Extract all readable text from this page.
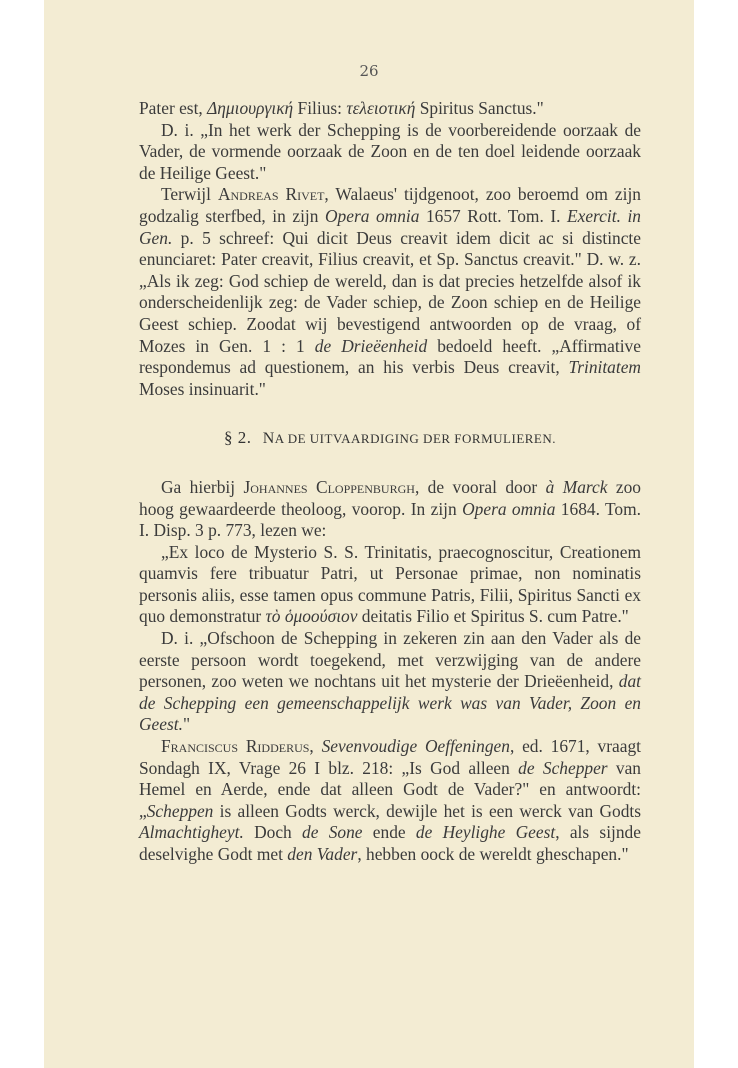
26

Pater est, Δημιουργική Filius: τελειοτική Spiritus Sanctus."

D. i. „In het werk der Schepping is de voorbereidende oorzaak de Vader, de vormende oorzaak de Zoon en de ten doel leidende oorzaak de Heilige Geest."

Terwijl Andreas Rivet, Walaeus' tijdgenoot, zoo beroemd om zijn godzalig sterfbed, in zijn Opera omnia 1657 Rott. Tom. I. Exercit. in Gen. p. 5 schreef: Qui dicit Deus creavit idem dicit ac si distincte enunciaret: Pater creavit, Filius creavit, et Sp. Sanctus creavit." D. w. z. „Als ik zeg: God schiep de wereld, dan is dat precies hetzelfde alsof ik onderscheidenlijk zeg: de Vader schiep, de Zoon schiep en de Heilige Geest schiep. Zoodat wij bevestigend antwoorden op de vraag, of Mozes in Gen. 1 : 1 de Drieëenheid bedoeld heeft. „Affirmative respondemus ad questionem, an his verbis Deus creavit, Trinitatem Moses insinuarit."

§ 2. NA DE UITVAARDIGING DER FORMULIEREN.

Ga hierbij Johannes Cloppenburgh, de vooral door à Marck zoo hoog gewaardeerde theoloog, voorop. In zijn Opera omnia 1684. Tom. I. Disp. 3 p. 773, lezen we:

„Ex loco de Mysterio S. S. Trinitatis, praecognoscitur, Creationem quamvis fere tribuatur Patri, ut Personae primae, non nominatis personis aliis, esse tamen opus commune Patris, Filii, Spiritus Sancti ex quo demonstratur τὸ ὁμοούσιον deitatis Filio et Spiritus S. cum Patre."

D. i. „Ofschoon de Schepping in zekeren zin aan den Vader als de eerste persoon wordt toegekend, met verzwijging van de andere personen, zoo weten we nochtans uit het mysterie der Drieëenheid, dat de Schepping een gemeenschappelijk werk was van Vader, Zoon en Geest."

Franciscus Ridderus, Sevenvoudige Oeffeningen, ed. 1671, vraagt Sondagh IX, Vrage 26 I blz. 218: „Is God alleen de Schepper van Hemel en Aerde, ende dat alleen Godt de Vader?" en antwoordt: „Scheppen is alleen Godts werck, dewijle het is een werck van Godts Almachtigheyt. Doch de Sone ende de Heylighe Geest, als sijnde deselvighe Godt met den Vader, hebben oock de wereldt gheschapen."
